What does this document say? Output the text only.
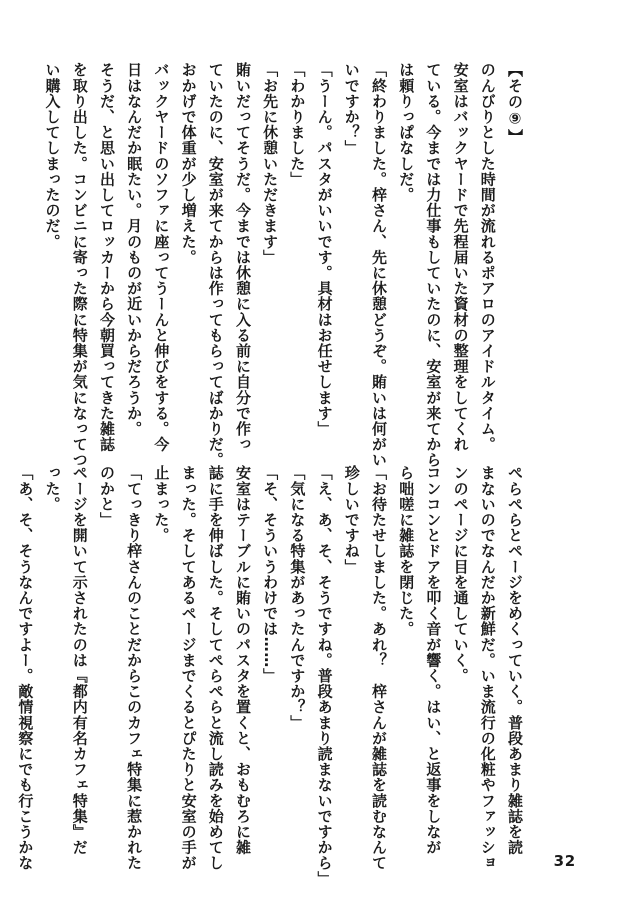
【その⑨】
のんびりとした時間が流れるポアロのアイドルタイム。
安室はバックヤードで先程届いた資材の整理をしてくれ
ている。今までは力仕事もしていたのに、安室が来てから
は頼りっぱなしだ。
「終わりました。梓さん、先に休憩どうぞ。賄いは何がい
いですか？」
「うーん。パスタがいいです。具材はお任せします」
「わかりました」
「お先に休憩いただきます」
賄いだってそうだ。今までは休憩に入る前に自分で作っ
ていたのに、安室が来てからは作ってもらってばかりだ。
おかげで体重が少し増えた。
バックヤードのソファに座ってうーんと伸びをする。今
日はなんだか眠たい。月のものが近いからだろうか。
そうだ、と思い出してロッカーから今朝買ってきた雑誌
を取り出した。コンビニに寄った際に特集が気になってつ
い購入してしまったのだ。
ぺらぺらとページをめくっていく。普段あまり雑誌を読
まないのでなんだか新鮮だ。いま流行の化粧やファッショ
ンのページに目を通していく。
コンコンとドアを叩く音が響く。はい、と返事をしなが
ら咄嗟に雑誌を閉じた。
「お待たせしました。あれ？　梓さんが雑誌を読むなんて
珍しいですね」
「え、あ、そ、そうですね。普段あまり読まないですから」
「気になる特集があったんですか？」
「そ、そういうわけでは……」
安室はテーブルに賄いのパスタを置くと、おもむろに雑
誌に手を伸ばした。そしてぺらぺらと流し読みを始めてし
まった。そしてあるページまでくるとぴたりと安室の手が
止まった。
「てっきり梓さんのことだからこのカフェ特集に惹かれた
のかと」
ページを開いて示されたのは『都内有名カフェ特集』だ
った。
「あ、そ、そうなんですよー。敵情視察にでも行こうかな	32
